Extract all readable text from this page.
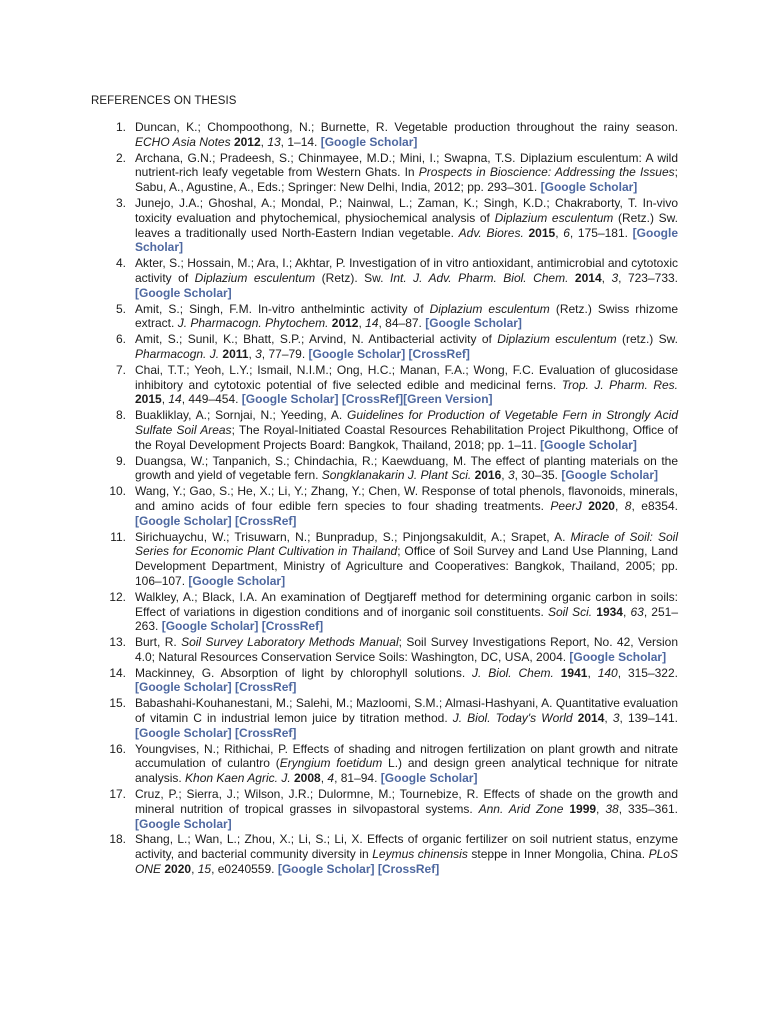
REFERENCES ON THESIS
1. Duncan, K.; Chompoothong, N.; Burnette, R. Vegetable production throughout the rainy season. ECHO Asia Notes 2012, 13, 1–14. [Google Scholar]
2. Archana, G.N.; Pradeesh, S.; Chinmayee, M.D.; Mini, I.; Swapna, T.S. Diplazium esculentum: A wild nutrient-rich leafy vegetable from Western Ghats. In Prospects in Bioscience: Addressing the Issues; Sabu, A., Agustine, A., Eds.; Springer: New Delhi, India, 2012; pp. 293–301. [Google Scholar]
3. Junejo, J.A.; Ghoshal, A.; Mondal, P.; Nainwal, L.; Zaman, K.; Singh, K.D.; Chakraborty, T. In-vivo toxicity evaluation and phytochemical, physiochemical analysis of Diplazium esculentum (Retz.) Sw. leaves a traditionally used North-Eastern Indian vegetable. Adv. Biores. 2015, 6, 175–181. [Google Scholar]
4. Akter, S.; Hossain, M.; Ara, I.; Akhtar, P. Investigation of in vitro antioxidant, antimicrobial and cytotoxic activity of Diplazium esculentum (Retz). Sw. Int. J. Adv. Pharm. Biol. Chem. 2014, 3, 723–733. [Google Scholar]
5. Amit, S.; Singh, F.M. In-vitro anthelmintic activity of Diplazium esculentum (Retz.) Swiss rhizome extract. J. Pharmacogn. Phytochem. 2012, 14, 84–87. [Google Scholar]
6. Amit, S.; Sunil, K.; Bhatt, S.P.; Arvind, N. Antibacterial activity of Diplazium esculentum (retz.) Sw. Pharmacogn. J. 2011, 3, 77–79. [Google Scholar] [CrossRef]
7. Chai, T.T.; Yeoh, L.Y.; Ismail, N.I.M.; Ong, H.C.; Manan, F.A.; Wong, F.C. Evaluation of glucosidase inhibitory and cytotoxic potential of five selected edible and medicinal ferns. Trop. J. Pharm. Res. 2015, 14, 449–454. [Google Scholar] [CrossRef][Green Version]
8. Buakliklay, A.; Sornjai, N.; Yeeding, A. Guidelines for Production of Vegetable Fern in Strongly Acid Sulfate Soil Areas; The Royal-Initiated Coastal Resources Rehabilitation Project Pikulthong, Office of the Royal Development Projects Board: Bangkok, Thailand, 2018; pp. 1–11. [Google Scholar]
9. Duangsa, W.; Tanpanich, S.; Chindachia, R.; Kaewduang, M. The effect of planting materials on the growth and yield of vegetable fern. Songklanakarin J. Plant Sci. 2016, 3, 30–35. [Google Scholar]
10. Wang, Y.; Gao, S.; He, X.; Li, Y.; Zhang, Y.; Chen, W. Response of total phenols, flavonoids, minerals, and amino acids of four edible fern species to four shading treatments. PeerJ 2020, 8, e8354. [Google Scholar] [CrossRef]
11. Sirichuaychu, W.; Trisuwarn, N.; Bunpradup, S.; Pinjongsakuldit, A.; Srapet, A. Miracle of Soil: Soil Series for Economic Plant Cultivation in Thailand; Office of Soil Survey and Land Use Planning, Land Development Department, Ministry of Agriculture and Cooperatives: Bangkok, Thailand, 2005; pp. 106–107. [Google Scholar]
12. Walkley, A.; Black, I.A. An examination of Degtjareff method for determining organic carbon in soils: Effect of variations in digestion conditions and of inorganic soil constituents. Soil Sci. 1934, 63, 251–263. [Google Scholar] [CrossRef]
13. Burt, R. Soil Survey Laboratory Methods Manual; Soil Survey Investigations Report, No. 42, Version 4.0; Natural Resources Conservation Service Soils: Washington, DC, USA, 2004. [Google Scholar]
14. Mackinney, G. Absorption of light by chlorophyll solutions. J. Biol. Chem. 1941, 140, 315–322. [Google Scholar] [CrossRef]
15. Babashahi-Kouhanestani, M.; Salehi, M.; Mazloomi, S.M.; Almasi-Hashyani, A. Quantitative evaluation of vitamin C in industrial lemon juice by titration method. J. Biol. Today's World 2014, 3, 139–141. [Google Scholar] [CrossRef]
16. Youngvises, N.; Rithichai, P. Effects of shading and nitrogen fertilization on plant growth and nitrate accumulation of culantro (Eryngium foetidum L.) and design green analytical technique for nitrate analysis. Khon Kaen Agric. J. 2008, 4, 81–94. [Google Scholar]
17. Cruz, P.; Sierra, J.; Wilson, J.R.; Dulormne, M.; Tournebize, R. Effects of shade on the growth and mineral nutrition of tropical grasses in silvopastoral systems. Ann. Arid Zone 1999, 38, 335–361. [Google Scholar]
18. Shang, L.; Wan, L.; Zhou, X.; Li, S.; Li, X. Effects of organic fertilizer on soil nutrient status, enzyme activity, and bacterial community diversity in Leymus chinensis steppe in Inner Mongolia, China. PLoS ONE 2020, 15, e0240559. [Google Scholar] [CrossRef]
